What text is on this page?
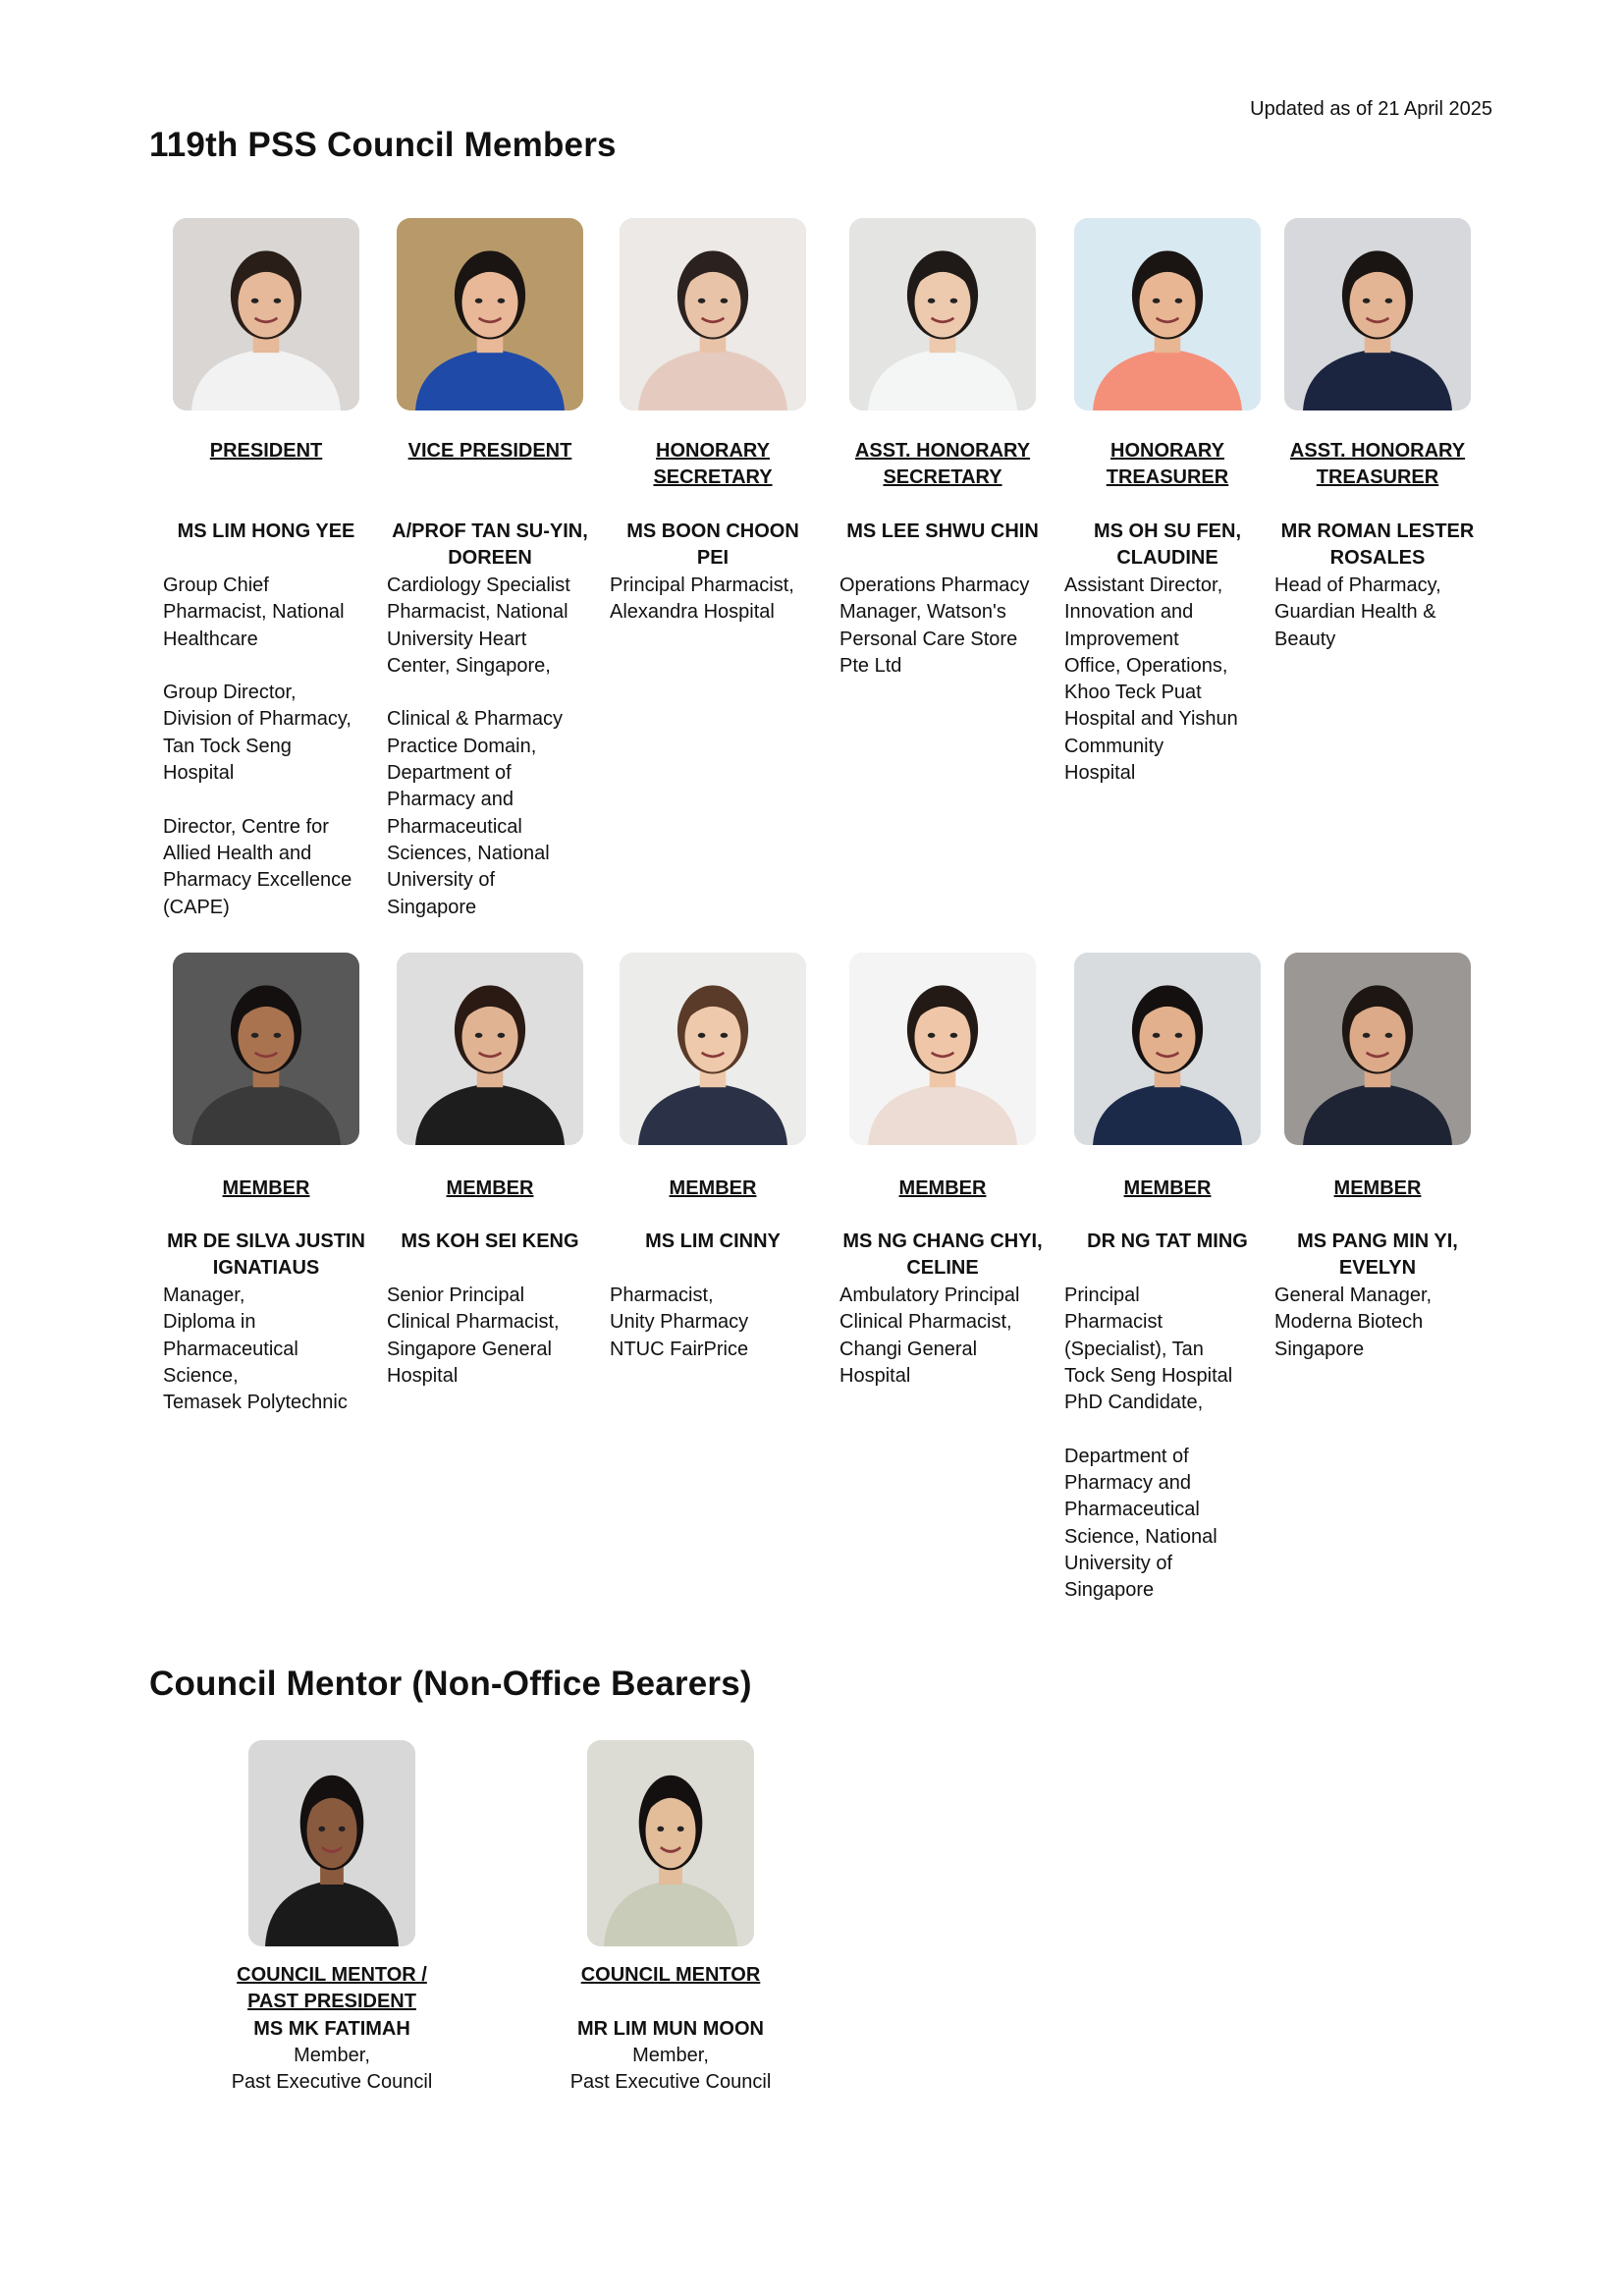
Updated as of 21 April 2025
119th PSS Council Members
Council Mentor (Non-Office Bearers)
PRESIDENT
MS LIM HONG YEE
Group Chief
Pharmacist, National
Healthcare

Group Director,
Division of Pharmacy,
Tan Tock Seng
Hospital

Director, Centre for
Allied Health and
Pharmacy Excellence
(CAPE)
VICE PRESIDENT
A/PROF TAN SU-YIN,
DOREEN
Cardiology Specialist
Pharmacist, National
University Heart
Center, Singapore,

Clinical & Pharmacy
Practice Domain,
Department of
Pharmacy and
Pharmaceutical
Sciences, National
University of
Singapore
HONORARY
SECRETARY
MS BOON CHOON PEI
Principal Pharmacist,
Alexandra Hospital
ASST. HONORARY
SECRETARY
MS LEE SHWU CHIN
Operations Pharmacy
Manager, Watson's
Personal Care Store
Pte Ltd
HONORARY
TREASURER
MS OH SU FEN,
CLAUDINE
Assistant Director,
Innovation and
Improvement
Office, Operations,
Khoo Teck Puat
Hospital and Yishun
Community
Hospital
ASST. HONORARY
TREASURER
MR ROMAN LESTER
ROSALES
Head of Pharmacy,
Guardian Health &
Beauty
MEMBER
MR DE SILVA JUSTIN
IGNATIAUS
Manager,
Diploma in
Pharmaceutical
Science,
Temasek Polytechnic
MEMBER
MS KOH SEI KENG
Senior Principal
Clinical Pharmacist,
Singapore General
Hospital
MEMBER
MS LIM CINNY
Pharmacist,
Unity Pharmacy
NTUC FairPrice
MEMBER
MS NG CHANG CHYI,
CELINE
Ambulatory Principal
Clinical Pharmacist,
Changi General
Hospital
MEMBER
DR NG TAT MING
Principal
Pharmacist
(Specialist), Tan
Tock Seng Hospital
PhD Candidate,

Department of
Pharmacy and
Pharmaceutical
Science, National
University of
Singapore
MEMBER
MS PANG MIN YI,
EVELYN
General Manager,
Moderna Biotech
Singapore
COUNCIL MENTOR /
PAST PRESIDENT
MS MK FATIMAH
Member,
Past Executive Council
COUNCIL MENTOR
MR LIM MUN MOON
Member,
Past Executive Council
